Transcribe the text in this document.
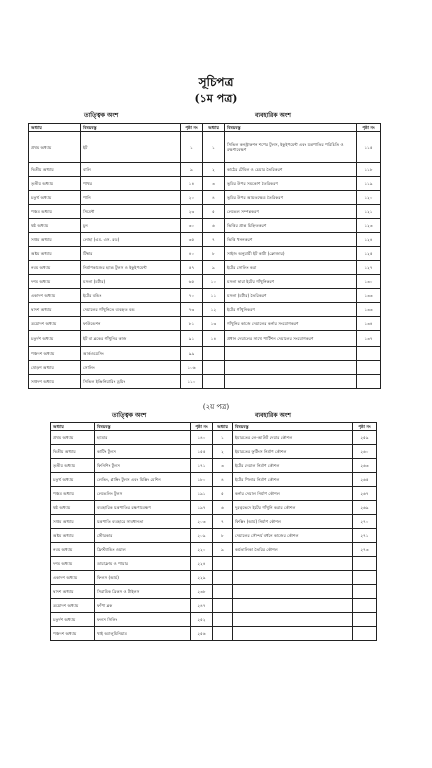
সূচিপত্র
(১ম পত্র)
তাত্ত্বিক অংশ	ব্যবহারিক অংশ
অধ্যায়	বিষয়বস্তু	পৃষ্ঠা নং	অধ্যায়	বিষয়বস্তু	পৃষ্ঠা নং
প্রথম অধ্যায়	ইট	১	১	সিভিল কনস্ট্রাকশন শপের টুলস, ইকুইপমেন্ট এবং যন্ত্রপাতির পরিচিতি ও রক্ষণাবেক্ষণ	১১৫
দ্বিতীয় অধ্যায়	বালি	৯	২	কাঠের টেবিল ও চেয়ার তৈরিকরণ	১১৮
তৃতীয় অধ্যায়	পাথর	১৪	৩	ভূমির উপর সমকোণ তৈরিকরণ	১১৯
চতুর্থ অধ্যায়	পানি	২০	৪	ভূমির উপর আয়তক্ষেত্র তৈরিকরণ	১২০
পঞ্চম অধ্যায়	সিমেন্ট	২৩	৫	লেভেল সম্পন্নকরণ	১২১
ষষ্ঠ অধ্যায়	চুন	৩০	৬	ভিত্তির প্রান্ত চিহ্নিতকরণ	১২৩
সপ্তম অধ্যায়	লোহা (এম. এস. রড)	৩৫	৭	ভিত্তি খননকরণ	১২৪
অষ্টম অধ্যায়	টিম্বার	৪০	৮	সাইজ অনুযায়ী ইট কাটা (ক্লোজার)	১২৫
নবম অধ্যায়	নির্মাণকাজের হ্যান্ড টুলস ও ইকুইপমেন্ট	৫৭	৯	ইটের সোলিং করা	১২৭
দশম অধ্যায়	মসলা (মর্টার)	৬৫	১০	মসলা দ্বারা ইটের গাঁথুনিকরণ	১৩০
একাদশ অধ্যায়	ইটের বন্ডিং	৭০	১১	মসলা (মর্টার) তৈরিকরণ	১৩৩
দ্বাদশ অধ্যায়	দেয়ালের গাঁথুনিতে ব্যবহৃত বন্ড	৭৩	১২	ইটের গাঁথুনিকরণ	১৩৩
ত্রয়োদশ অধ্যায়	ফাউন্ডেশন	৮১	১৩	গাঁথুনির কাজে দেয়ালের কর্নার সংযোগকরণ	১৩৪
চতুর্দশ অধ্যায়	ইট বা ব্লকের গাঁথুনির কাজ	৯১	১৪	প্রধান দেয়ালের সাথে পার্টিশন দেয়ালের সংযোগকরণ	১৩৭
পঞ্চদশ অধ্যায়	আর্কওয়েসিং	৯৯			
ষোড়শ অধ্যায়	সোলিং	১০৬			
সপ্তদশ অধ্যায়	সিভিল ইঞ্জিনিয়ারিং ড্রয়িং	১১০			
(২য় পত্র)
তাত্ত্বিক অংশ	ব্যবহারিক অংশ
অধ্যায়	বিষয়বস্তু	পৃষ্ঠা নং	অধ্যায়	বিষয়বস্তু	পৃষ্ঠা নং
প্রথম অধ্যায়	হ্যামার	১৪০	১	ইমারতের লে-আউট দেয়ার কৌশল	২৫৯
দ্বিতীয় অধ্যায়	কাটিং টুলস	১৫৫	২	ইমারতের ফুটিংস নির্মাণ কৌশল	২৬০
তৃতীয় অধ্যায়	ফিনিশিং টুলস	১৭১	৩	ইটের দেয়াল নির্মাণ কৌশল	২৬৩
চতুর্থ অধ্যায়	লেভিং, প্লাম্বিং টুলস এবং মিক্সিং মেশিন	১৮০	৪	ইটের পিলার নির্মাণ কৌশল	২৬৫
পঞ্চম অধ্যায়	লেভেলিং টুলস	১৯১	৫	কর্নার দেয়াল নির্মাণ কৌশল	২৬৭
ষষ্ঠ অধ্যায়	ব্যবহারিক যন্ত্রপাতির রক্ষণাবেক্ষণ	১৯৭	৬	দুরত্বভেদে ইটের গাঁথুনি করার কৌশল	২৬৯
সপ্তম অধ্যায়	যন্ত্রপাতি ব্যবহারে সাবধানতা	২০৩	৭	ফিক্সিং (আর্চ) নির্মাণ কৌশল	২৭০
অষ্টম অধ্যায়	স্টোরকার	২০৯	৮	দেয়ালের সৌন্দর্য বর্ধনে কাজের কৌশল	২৭১
নবম অধ্যায়	ফ্রিস্ট্যান্ডিং ওয়াল	২২০	৯	কর্মতালিকা তৈরির কৌশল	২৭৩
দশম অধ্যায়	ডায়াফ্রাম ও পায়ার	২২৪			
একাদশ অধ্যায়	ফিলস (আর্চ)	২২৯			
দ্বাদশ অধ্যায়	সিরামিক ব্রিকস ও টাইলস	২৩৮			
ত্রয়োদশ অধ্যায়	ফাঁপা ব্লক	২৪৭			
চতুর্দশ অধ্যায়	ফলস সিলিং	২৫২			
পঞ্চদশ অধ্যায়	থাই অ্যালুমিনিয়াম	২৫৬			
